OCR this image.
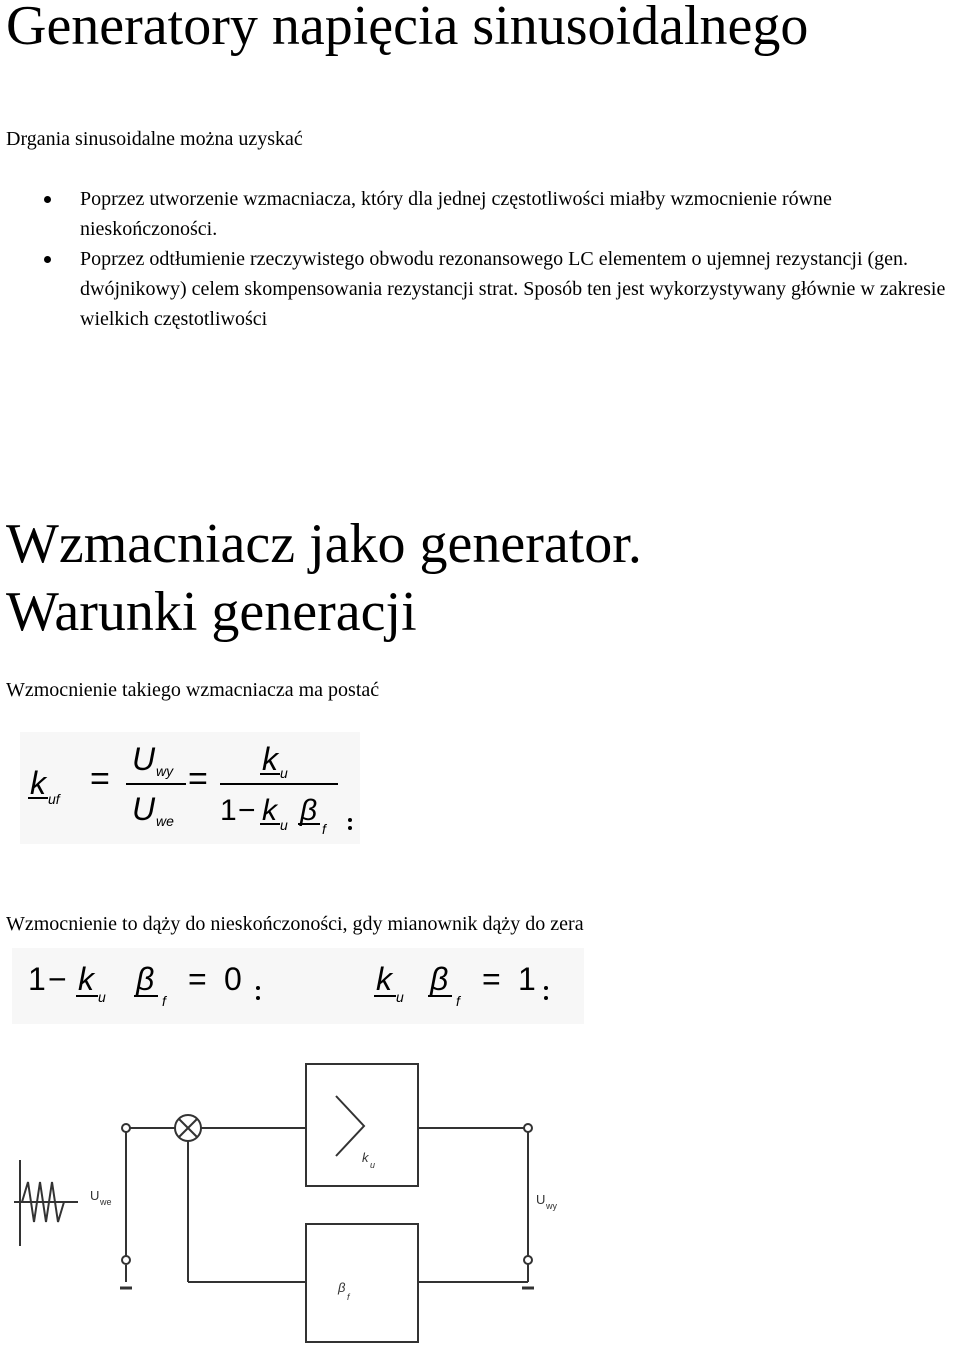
Generatory napięcia sinusoidalnego
Drgania sinusoidalne można uzyskać
Poprzez utworzenie wzmacniacza, który dla jednej częstotliwości miałby wzmocnienie równe nieskończoności.
Poprzez odtłumienie rzeczywistego obwodu rezonansowego LC elementem o ujemnej rezystancji (gen. dwójnikowy) celem skompensowania rezystancji strat. Sposób ten jest wykorzystywany głównie w zakresie wielkich częstotliwości
Wzmacniacz jako generator.
Warunki generacji
Wzmocnienie takiego wzmacniacza ma postać
k uf
=
U wy
U we
=
k u
1 − k u β
f
Wzmocnienie to dąży do nieskończoności, gdy mianownik dąży do zera
1 − k u β
f
= 0	k u β
f
= 1
U we	U wy
k u
β
f
